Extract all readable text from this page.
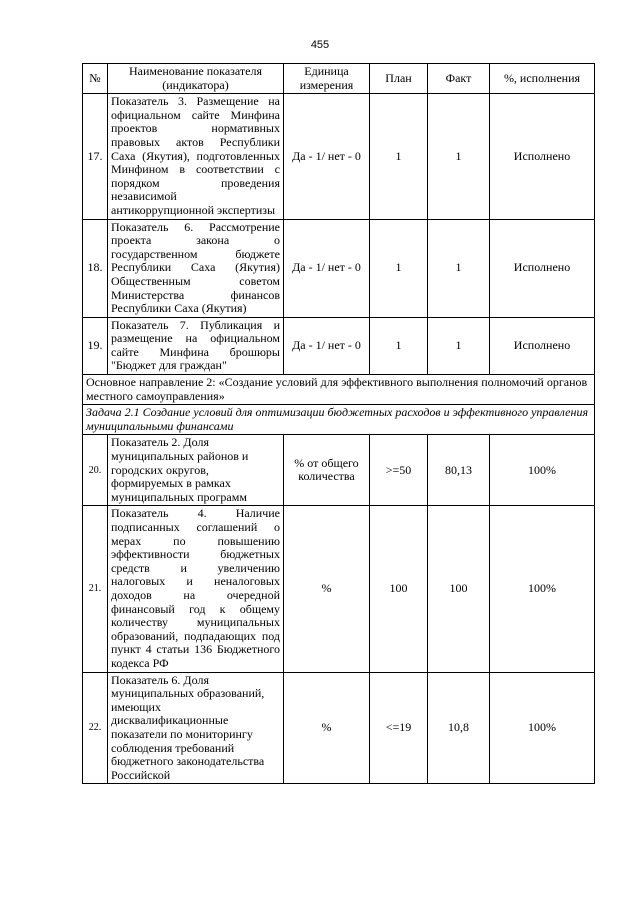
455
№	Наименование показателя (индикатора)	Единица измерения	План	Факт	%, исполнения
17.	Показатель 3. Размещение на официальном сайте Минфина проектов нормативных правовых актов Республики Саха (Якутия), подготовленных Минфином в соответствии с порядком проведения независимой антикоррупционной экспертизы	Да - 1/ нет - 0	1	1	Исполнено
18.	Показатель 6. Рассмотрение проекта закона о государственном бюджете Республики Саха (Якутия) Общественным советом Министерства финансов Республики Саха (Якутия)	Да - 1/ нет - 0	1	1	Исполнено
19.	Показатель 7. Публикация и размещение на официальном сайте Минфина брошюры "Бюджет для граждан"	Да - 1/ нет - 0	1	1	Исполнено
Основное направление 2: «Создание условий для эффективного выполнения полномочий органов местного самоуправления»					
Задача 2.1 Создание условий для оптимизации бюджетных расходов и эффективного управления муниципальными финансами					
20.	Показатель 2. Доля муниципальных районов и городских округов, формируемых в рамках муниципальных программ	% от общего количества	>=50	80,13	100%
21.	Показатель 4. Наличие подписанных соглашений о мерах по повышению эффективности бюджетных средств и увеличению налоговых и неналоговых доходов на очередной финансовый год к общему количеству муниципальных образований, подпадающих под пункт 4 статьи 136 Бюджетного кодекса РФ	%	100	100	100%
22.	Показатель 6. Доля муниципальных образований, имеющих дисквалификационные показатели по мониторингу соблюдения требований бюджетного законодательства Российской	%	<=19	10,8	100%
